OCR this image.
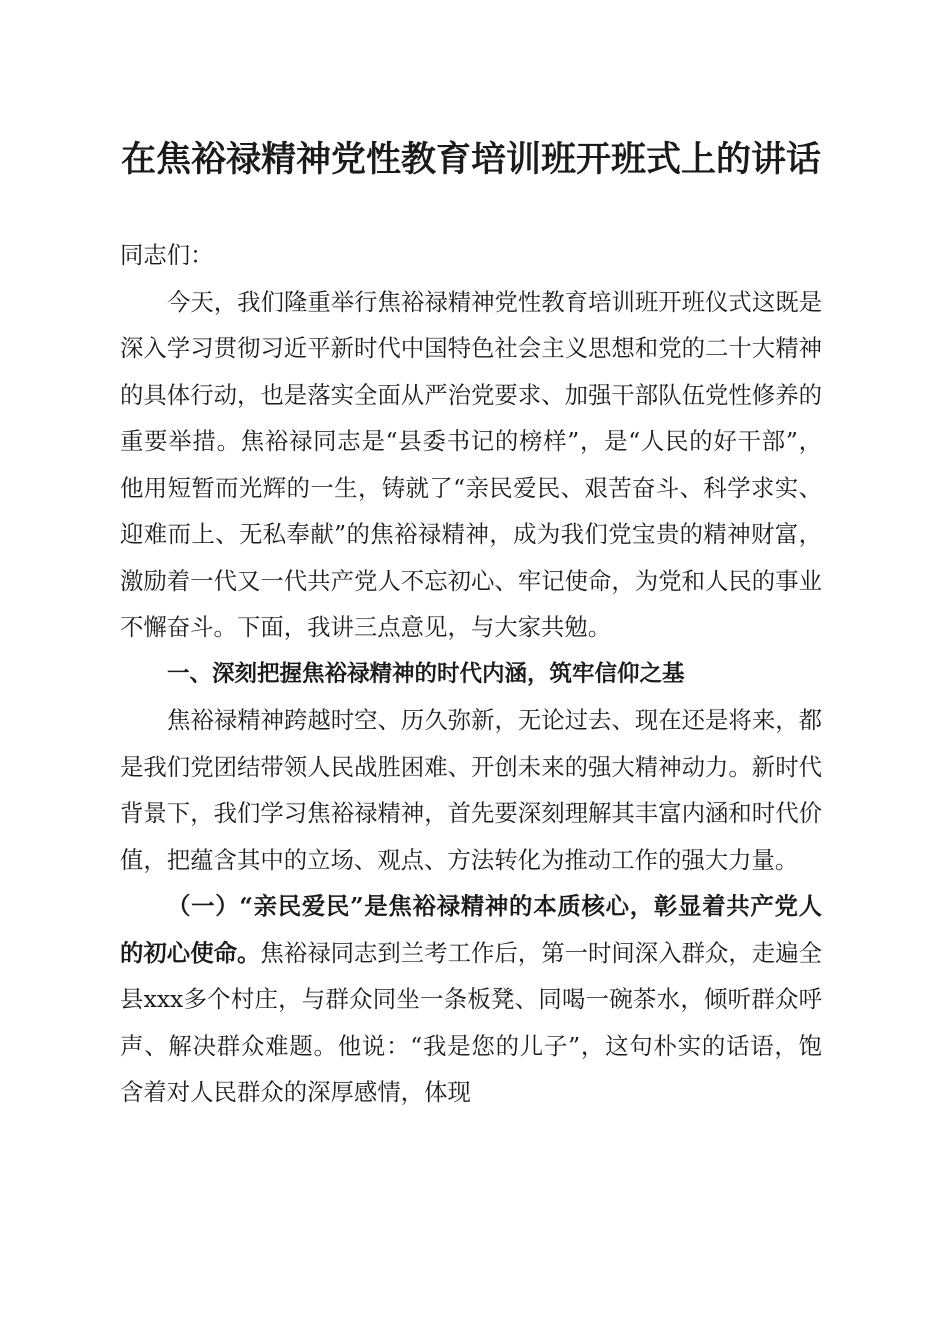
在焦裕禄精神党性教育培训班开班式上的讲话

同志们：

今天，我们隆重举行焦裕禄精神党性教育培训班开班仪式这既是深入学习贯彻习近平新时代中国特色社会主义思想和党的二十大精神的具体行动，也是落实全面从严治党要求、加强干部队伍党性修养的重要举措。焦裕禄同志是“县委书记的榜样”，是“人民的好干部”，他用短暂而光辉的一生，铸就了“亲民爱民、艰苦奋斗、科学求实、迎难而上、无私奉献”的焦裕禄精神，成为我们党宝贵的精神财富，激励着一代又一代共产党人不忘初心、牢记使命，为党和人民的事业不懈奋斗。下面，我讲三点意见，与大家共勉。

一、深刻把握焦裕禄精神的时代内涵，筑牢信仰之基

焦裕禄精神跨越时空、历久弥新，无论过去、现在还是将来，都是我们党团结带领人民战胜困难、开创未来的强大精神动力。新时代背景下，我们学习焦裕禄精神，首先要深刻理解其丰富内涵和时代价值，把蕴含其中的立场、观点、方法转化为推动工作的强大力量。

（一）“亲民爱民”是焦裕禄精神的本质核心，彰显着共产党人的初心使命。焦裕禄同志到兰考工作后，第一时间深入群众，走遍全县xxx多个村庄，与群众同坐一条板凳、同喝一碗茶水，倾听群众呼声、解决群众难题。他说：“我是您的儿子”，这句朴实的话语，饱含着对人民群众的深厚感情，体现
